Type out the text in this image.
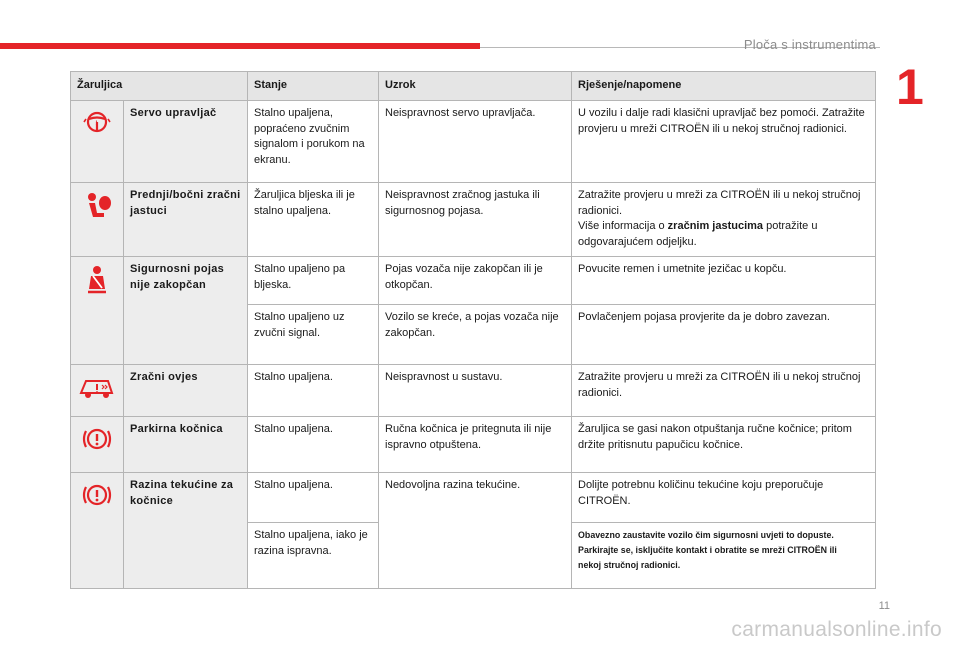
Ploča s instrumentima
1
Žaruljica		Stanje	Uzrok	Rješenje/napomene

!	Servo upravljač	Stalno upaljena, popraćeno zvučnim signalom i porukom na ekranu.	Neispravnost servo upravljača.	U vozilu i dalje radi klasični upravljač bez pomoći. Zatražite provjeru u mreži CITROËN ili u nekoj stručnoj radionici.

	Prednji/bočni zračni jastuci	Žaruljica bljeska ili je stalno upaljena.	Neispravnost zračnog jastuka ili sigurnosnog pojasa.	Zatražite provjeru u mreži za CITROËN ili u nekoj stručnoj radionici.
Više informacija o zračnim jastucima potražite u odgovarajućem odjeljku.

	Sigurnosni pojas nije zakopčan	Stalno upaljeno pa bljeska.	Pojas vozača nije zakopčan ili je otkopčan.	Povucite remen i umetnite jezičac u kopču.
		Stalno upaljeno uz zvučni signal.	Vozilo se kreće, a pojas vozača nije zakopčan.	Povlačenjem pojasa provjerite da je dobro zavezan.

	Zračni ovjes	Stalno upaljena.	Neispravnost u sustavu.	Zatražite provjeru u mreži za CITROËN ili u nekoj stručnoj radionici.

	Parkirna kočnica	Stalno upaljena.	Ručna kočnica je pritegnuta ili nije ispravno otpuštena.	Žaruljica se gasi nakon otpuštanja ručne kočnice; pritom držite pritisnutu papučicu kočnice.

	Razina tekućine za kočnice	Stalno upaljena.	Nedovoljna razina tekućine.	Dolijte potrebnu količinu tekućine koju preporučuje CITROËN.
		Stalno upaljena, iako je razina ispravna.		Obavezno zaustavite vozilo čim sigurnosni uvjeti to dopuste. Parkirajte se, isključite kontakt i obratite se mreži CITROËN ili nekoj stručnoj radionici.
11
carmanualsonline.info
